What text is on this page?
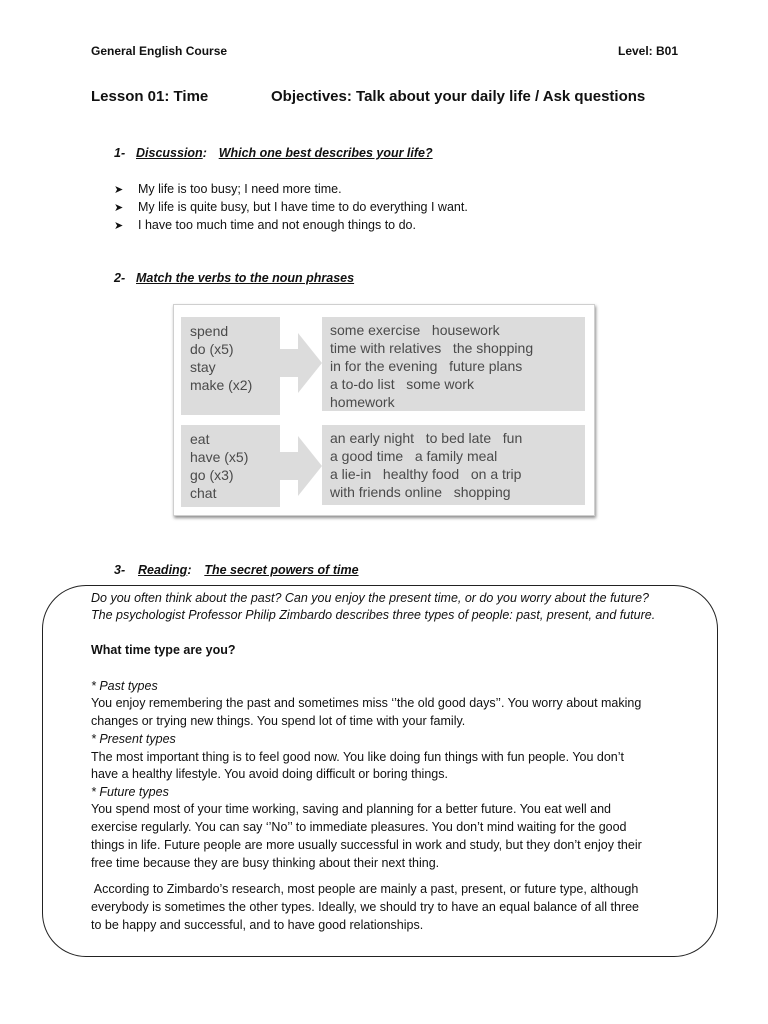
General English Course	Level: B01
Lesson 01: Time	Objectives: Talk about your daily life / Ask questions
1- Discussion: Which one best describes your life?
➤ My life is too busy; I need more time.
➤ My life is quite busy, but I have time to do everything I want.
➤ I have too much time and not enough things to do.
2- Match the verbs to the noun phrases
spend
do (x5)
stay
make (x2)
some exercise   housework
time with relatives   the shopping
in for the evening   future plans
a to-do list   some work
homework
eat
have (x5)
go (x3)
chat
an early night   to bed late   fun
a good time   a family meal
a lie-in   healthy food   on a trip
with friends online   shopping
3- Reading: The secret powers of time
Do you often think about the past? Can you enjoy the present time, or do you worry about the future?
The psychologist Professor Philip Zimbardo describes three types of people: past, present, and future.
What time type are you?
* Past types
You enjoy remembering the past and sometimes miss ‘’the old good days’’. You worry about making
changes or trying new things. You spend lot of time with your family.
* Present types
The most important thing is to feel good now. You like doing fun things with fun people. You don’t
have a healthy lifestyle. You avoid doing difficult or boring things.
* Future types
You spend most of your time working, saving and planning for a better future. You eat well and
exercise regularly. You can say ‘’No’’ to immediate pleasures. You don’t mind waiting for the good
things in life. Future people are more usually successful in work and study, but they don’t enjoy their
free time because they are busy thinking about their next thing.
According to Zimbardo’s research, most people are mainly a past, present, or future type, although
everybody is sometimes the other types. Ideally, we should try to have an equal balance of all three
to be happy and successful, and to have good relationships.
